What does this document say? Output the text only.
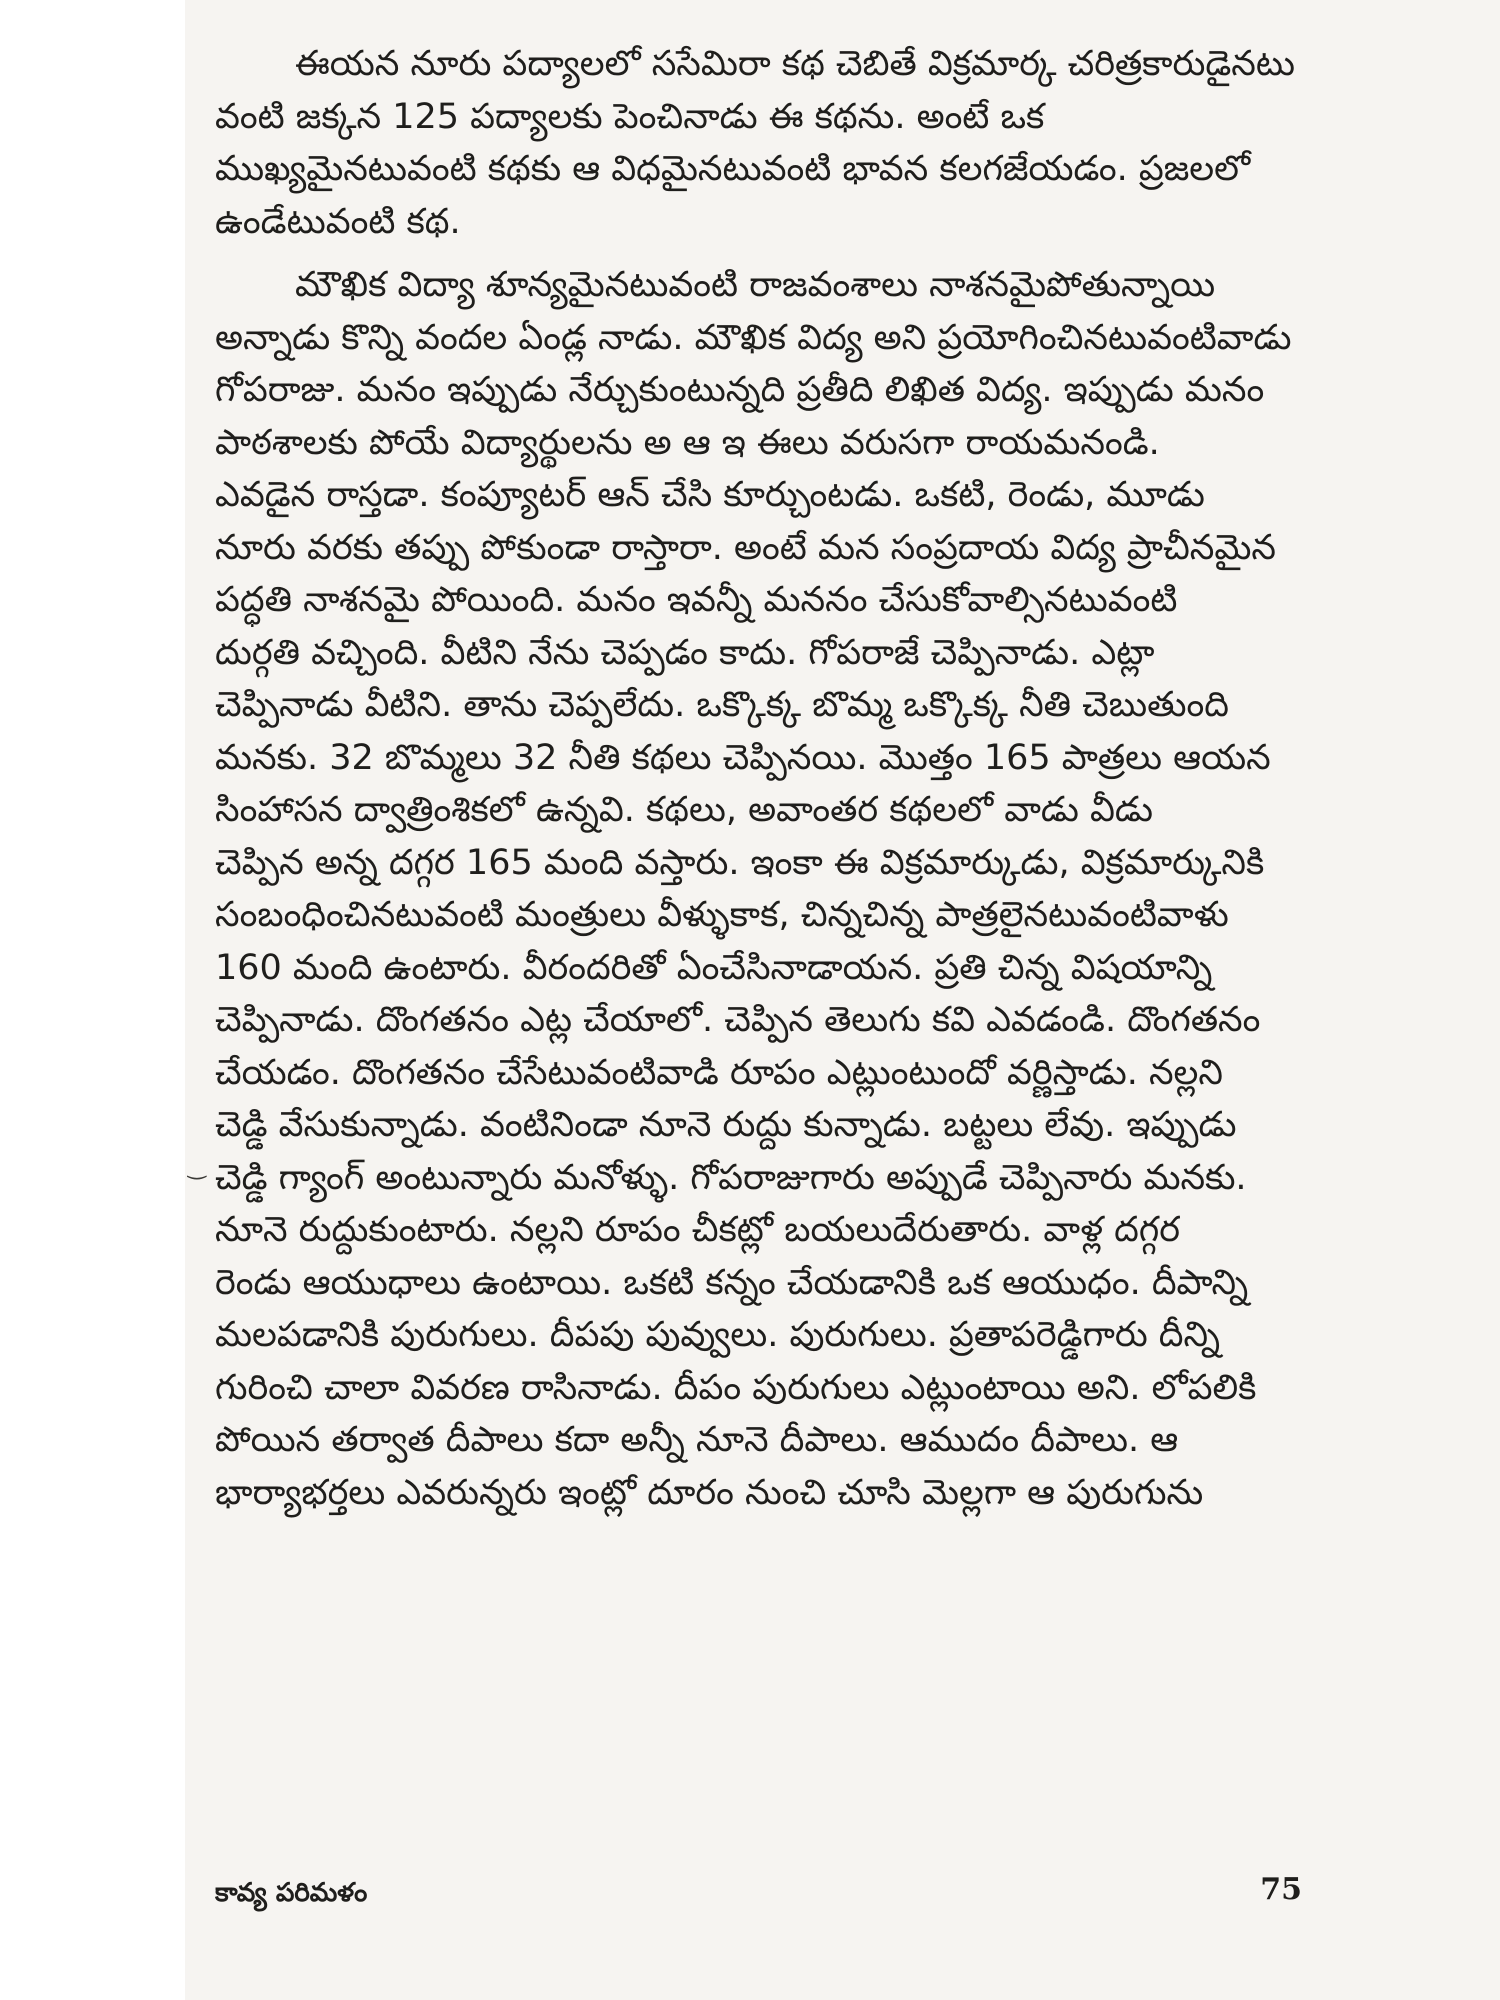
ఈయన నూరు పద్యాలలో ససేమిరా కథ చెబితే విక్రమార్క చరిత్రకారుడైనటు
వంటి జక్కన 125 పద్యాలకు పెంచినాడు ఈ కథను. అంటే ఒక
ముఖ్యమైనటువంటి కథకు ఆ విధమైనటువంటి భావన కలగజేయడం. ప్రజలలో
ఉండేటువంటి కథ.
మౌఖిక విద్యా శూన్యమైనటువంటి రాజవంశాలు నాశనమైపోతున్నాయి
అన్నాడు కొన్ని వందల ఏండ్ల నాడు. మౌఖిక విద్య అని ప్రయోగించినటువంటివాడు
గోపరాజు. మనం ఇప్పుడు నేర్చుకుంటున్నది ప్రతీది లిఖిత విద్య. ఇప్పుడు మనం
పాఠశాలకు పోయే విద్యార్థులను అ ఆ ఇ ఈలు వరుసగా రాయమనండి.
ఎవడైన రాస్తడా. కంప్యూటర్ ఆన్ చేసి కూర్చుంటడు. ఒకటి, రెండు, మూడు
నూరు వరకు తప్పు పోకుండా రాస్తారా. అంటే మన సంప్రదాయ విద్య ప్రాచీనమైన
పద్ధతి నాశనమై పోయింది. మనం ఇవన్నీ మననం చేసుకోవాల్సినటువంటి
దుర్గతి వచ్చింది. వీటిని నేను చెప్పడం కాదు. గోపరాజే చెప్పినాడు. ఎట్లా
చెప్పినాడు వీటిని. తాను చెప్పలేదు. ఒక్కొక్క బొమ్మ ఒక్కొక్క నీతి చెబుతుంది
మనకు. 32 బొమ్మలు 32 నీతి కథలు చెప్పినయి. మొత్తం 165 పాత్రలు ఆయన
సింహాసన ద్వాత్రింశికలో ఉన్నవి. కథలు, అవాంతర కథలలో వాడు వీడు
చెప్పిన అన్న దగ్గర 165 మంది వస్తారు. ఇంకా ఈ విక్రమార్కుడు, విక్రమార్కునికి
సంబంధించినటువంటి మంత్రులు వీళ్ళుకాక, చిన్నచిన్న పాత్రలైనటువంటివాళు
160 మంది ఉంటారు. వీరందరితో ఏంచేసినాడాయన. ప్రతి చిన్న విషయాన్ని
చెప్పినాడు. దొంగతనం ఎట్ల చేయాలో. చెప్పిన తెలుగు కవి ఎవడండి. దొంగతనం
చేయడం. దొంగతనం చేసేటువంటివాడి రూపం ఎట్లుంటుందో వర్ణిస్తాడు. నల్లని
చెడ్డి వేసుకున్నాడు. వంటినిండా నూనె రుద్దు కున్నాడు. బట్టలు లేవు. ఇప్పుడు
చెడ్డి గ్యాంగ్ అంటున్నారు మనోళ్ళు. గోపరాజుగారు అప్పుడే చెప్పినారు మనకు.
నూనె రుద్దుకుంటారు. నల్లని రూపం చీకట్లో బయలుదేరుతారు. వాళ్ల దగ్గర
రెండు ఆయుధాలు ఉంటాయి. ఒకటి కన్నం చేయడానికి ఒక ఆయుధం. దీపాన్ని
మలపడానికి పురుగులు. దీపపు పువ్వులు. పురుగులు. ప్రతాపరెడ్డిగారు దీన్ని
గురించి చాలా వివరణ రాసినాడు. దీపం పురుగులు ఎట్లుంటాయి అని. లోపలికి
పోయిన తర్వాత దీపాలు కదా అన్నీ నూనె దీపాలు. ఆముదం దీపాలు. ఆ
భార్యాభర్తలు ఎవరున్నరు ఇంట్లో దూరం నుంచి చూసి మెల్లగా ఆ పురుగును
‿
కావ్య పరిమళం	75
